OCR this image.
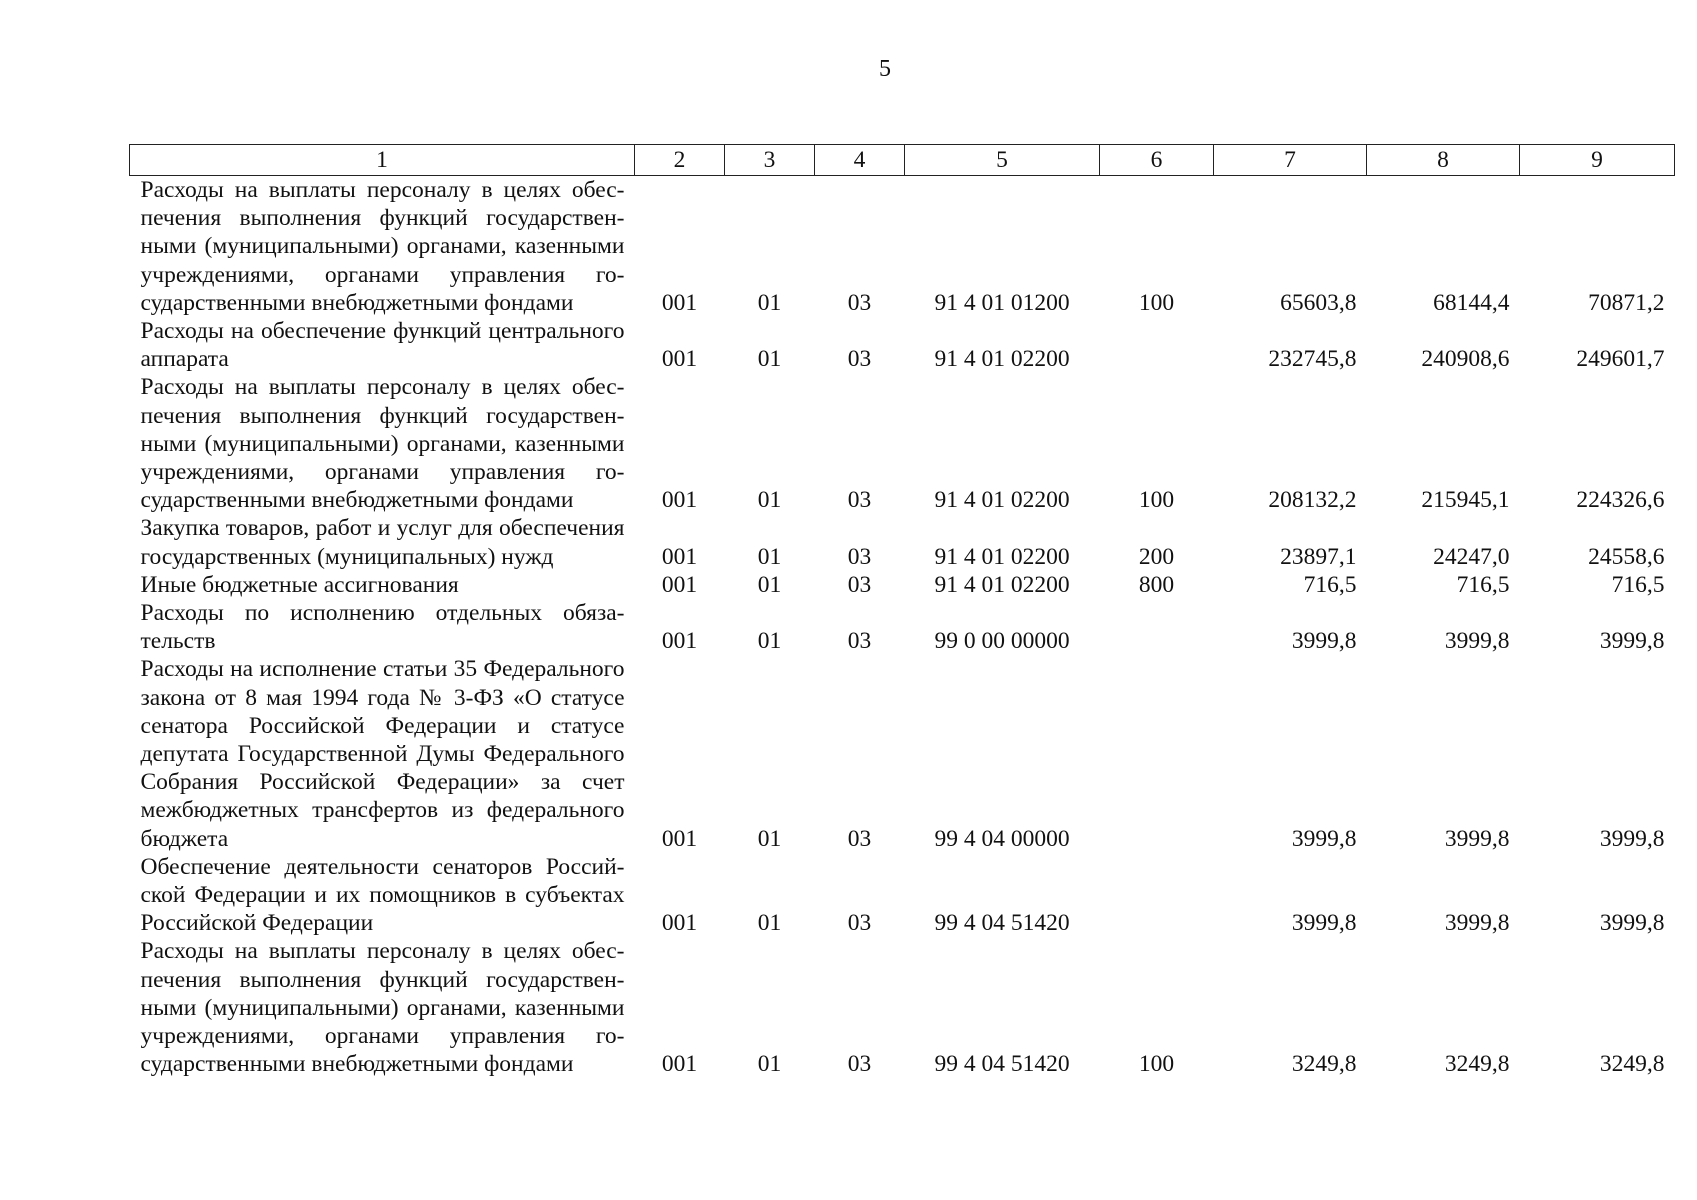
5
1	2	3	4	5	6	7	8	9
Расходы на выплаты персоналу в целях обеспечения выполнения функций государственными (муниципальными) органами, казенными учреждениями, органами управления государственными внебюджетными фондами	001	01	03	91 4 01 01200	100	65603,8	68144,4	70871,2
Расходы на обеспечение функций центрального аппарата	001	01	03	91 4 01 02200		232745,8	240908,6	249601,7
Расходы на выплаты персоналу в целях обеспечения выполнения функций государственными (муниципальными) органами, казенными учреждениями, органами управления государственными внебюджетными фондами	001	01	03	91 4 01 02200	100	208132,2	215945,1	224326,6
Закупка товаров, работ и услуг для обеспечения государственных (муниципальных) нужд	001	01	03	91 4 01 02200	200	23897,1	24247,0	24558,6
Иные бюджетные ассигнования	001	01	03	91 4 01 02200	800	716,5	716,5	716,5
Расходы по исполнению отдельных обязательств	001	01	03	99 0 00 00000		3999,8	3999,8	3999,8
Расходы на исполнение статьи 35 Федерального закона от 8 мая 1994 года № 3-ФЗ «О статусе сенатора Российской Федерации и статусе депутата Государственной Думы Федерального Собрания Российской Федерации» за счет межбюджетных трансфертов из федерального бюджета	001	01	03	99 4 04 00000		3999,8	3999,8	3999,8
Обеспечение деятельности сенаторов Российской Федерации и их помощников в субъектах Российской Федерации	001	01	03	99 4 04 51420		3999,8	3999,8	3999,8
Расходы на выплаты персоналу в целях обеспечения выполнения функций государственными (муниципальными) органами, казенными учреждениями, органами управления государственными внебюджетными фондами	001	01	03	99 4 04 51420	100	3249,8	3249,8	3249,8
